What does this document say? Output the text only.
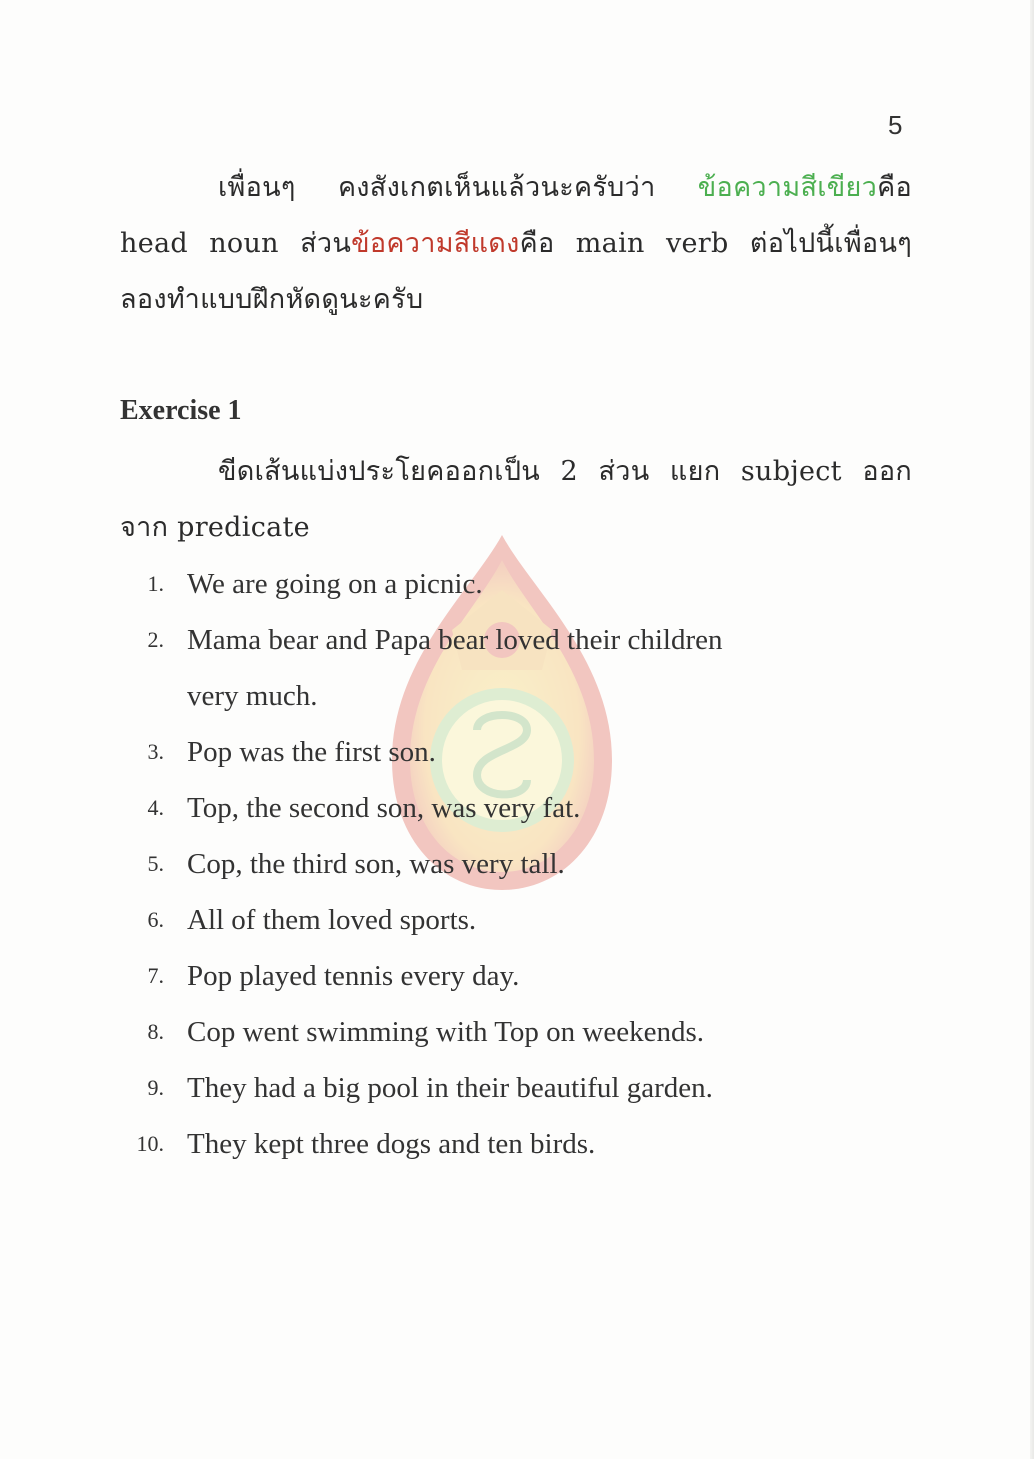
5
เพื่อนๆ คงสังเกตเห็นแล้วนะครับว่า ข้อความสีเขียวคือ
head noun ส่วนข้อความสีแดงคือ main verb ต่อไปนี้เพื่อนๆ
ลองทำแบบฝึกหัดดูนะครับ
Exercise 1
ขีดเส้นแบ่งประโยคออกเป็น 2 ส่วน แยก subject ออก
จาก predicate
1. We are going on a picnic.
2. Mama bear and Papa bear loved their children
very much.
3. Pop was the first son.
4. Top, the second son, was very fat.
5. Cop, the third son, was very tall.
6. All of them loved sports.
7. Pop played tennis every day.
8. Cop went swimming with Top on weekends.
9. They had a big pool in their beautiful garden.
10. They kept three dogs and ten birds.
